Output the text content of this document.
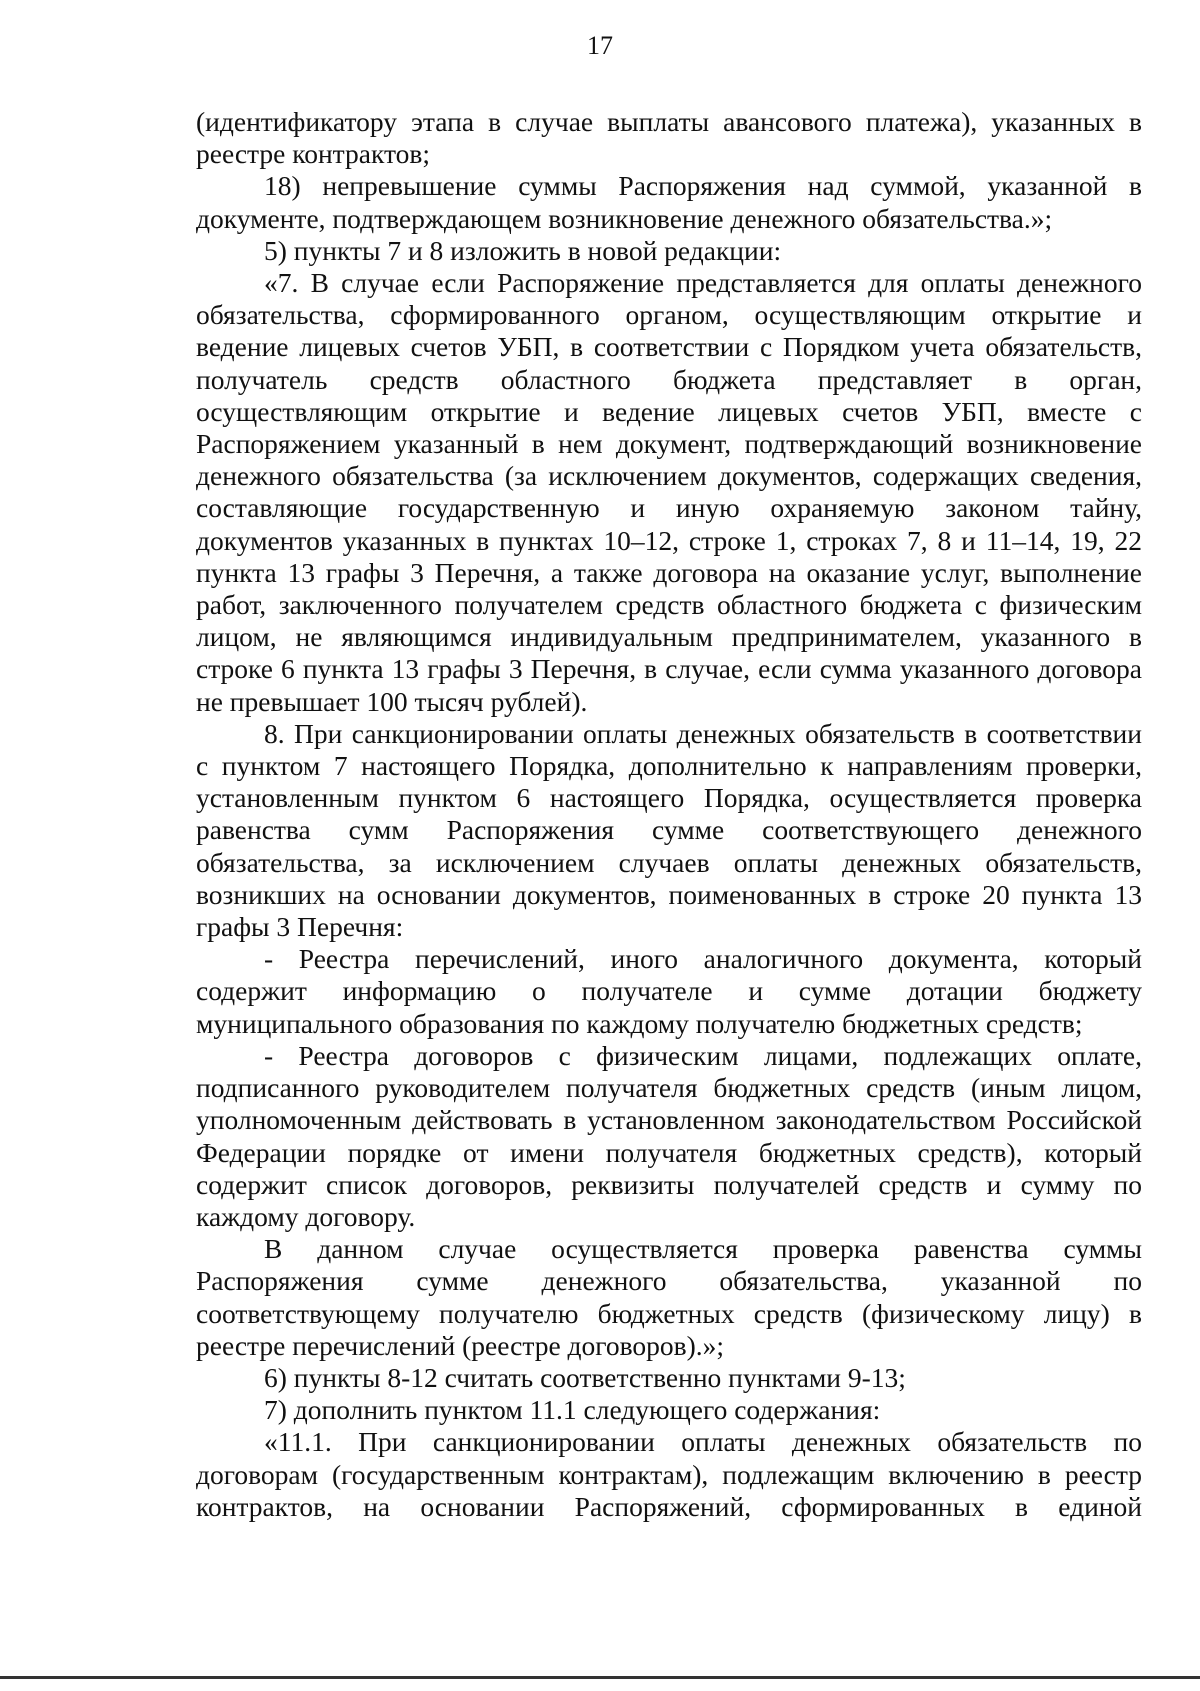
17

(идентификатору этапа в случае выплаты авансового платежа), указанных в реестре контрактов;

18) непревышение суммы Распоряжения над суммой, указанной в документе, подтверждающем возникновение денежного обязательства.»;

5) пункты 7 и 8 изложить в новой редакции:

«7. В случае если Распоряжение представляется для оплаты денежного обязательства, сформированного органом, осуществляющим открытие и ведение лицевых счетов УБП, в соответствии с Порядком учета обязательств, получатель средств областного бюджета представляет в орган, осуществляющим открытие и ведение лицевых счетов УБП, вместе с Распоряжением указанный в нем документ, подтверждающий возникновение денежного обязательства (за исключением документов, содержащих сведения, составляющие государственную и иную охраняемую законом тайну, документов указанных в пунктах 10–12, строке 1, строках 7, 8 и 11–14, 19, 22 пункта 13 графы 3 Перечня, а также договора на оказание услуг, выполнение работ, заключенного получателем средств областного бюджета с физическим лицом, не являющимся индивидуальным предпринимателем, указанного в строке 6 пункта 13 графы 3 Перечня, в случае, если сумма указанного договора не превышает 100 тысяч рублей).

8. При санкционировании оплаты денежных обязательств в соответствии с пунктом 7 настоящего Порядка, дополнительно к направлениям проверки, установленным пунктом 6 настоящего Порядка, осуществляется проверка равенства сумм Распоряжения сумме соответствующего денежного обязательства, за исключением случаев оплаты денежных обязательств, возникших на основании документов, поименованных в строке 20 пункта 13 графы 3 Перечня:

- Реестра перечислений, иного аналогичного документа, который содержит информацию о получателе и сумме дотации бюджету муниципального образования по каждому получателю бюджетных средств;

- Реестра договоров с физическим лицами, подлежащих оплате, подписанного руководителем получателя бюджетных средств (иным лицом, уполномоченным действовать в установленном законодательством Российской Федерации порядке от имени получателя бюджетных средств), который содержит список договоров, реквизиты получателей средств и сумму по каждому договору.

В данном случае осуществляется проверка равенства суммы Распоряжения сумме денежного обязательства, указанной по соответствующему получателю бюджетных средств (физическому лицу) в реестре перечислений (реестре договоров).»;

6) пункты 8-12 считать соответственно пунктами 9-13;

7) дополнить пунктом 11.1 следующего содержания:

«11.1. При санкционировании оплаты денежных обязательств по договорам (государственным контрактам), подлежащим включению в реестр контрактов, на основании Распоряжений, сформированных в единой
